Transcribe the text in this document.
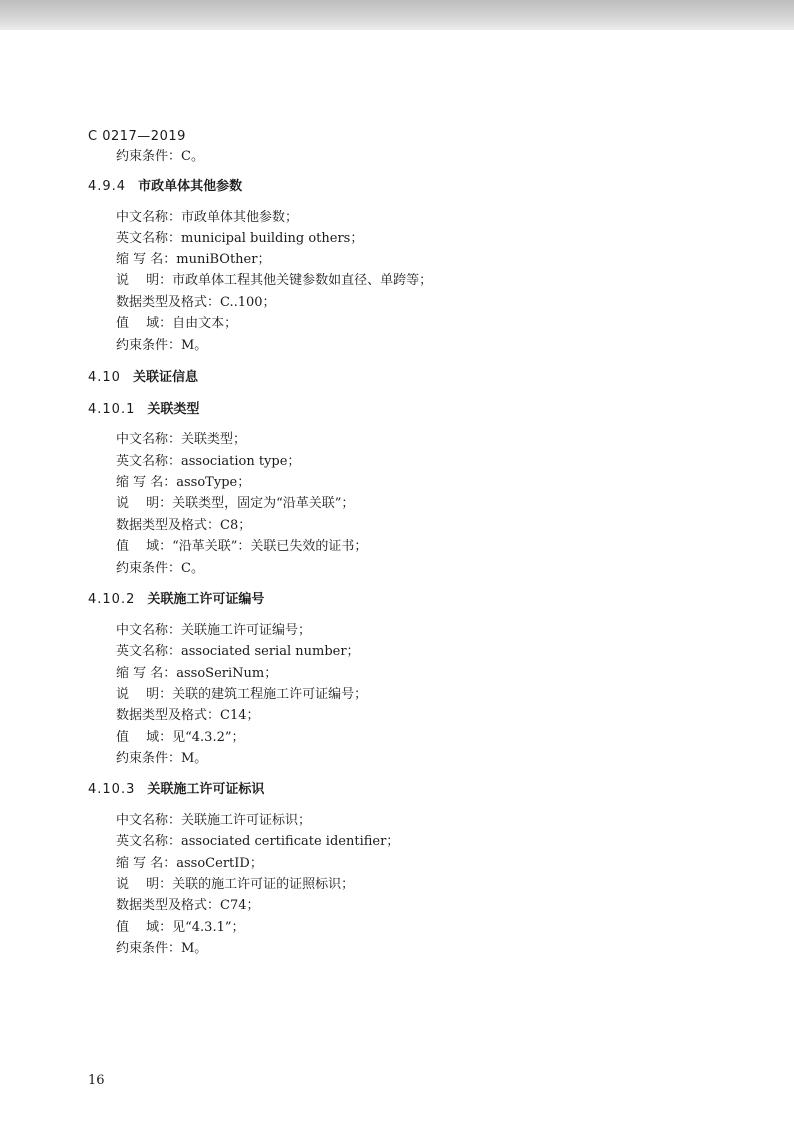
C 0217—2019
约束条件：C。
4.9.4 市政单体其他参数
中文名称：市政单体其他参数；
英文名称：municipal building others；
缩 写 名：muniBOther；
说　 明：市政单体工程其他关键参数如直径、单跨等；
数据类型及格式：C..100；
值　 域：自由文本；
约束条件：M。
4.10 关联证信息
4.10.1 关联类型
中文名称：关联类型；
英文名称：association type；
缩 写 名：assoType；
说　 明：关联类型，固定为“沿革关联”；
数据类型及格式：C8；
值　 域：“沿革关联”：关联已失效的证书；
约束条件：C。
4.10.2 关联施工许可证编号
中文名称：关联施工许可证编号；
英文名称：associated serial number；
缩 写 名：assoSeriNum；
说　 明：关联的建筑工程施工许可证编号；
数据类型及格式：C14；
值　 域：见“4.3.2”；
约束条件：M。
4.10.3 关联施工许可证标识
中文名称：关联施工许可证标识；
英文名称：associated certificate identifier；
缩 写 名：assoCertID；
说　 明：关联的施工许可证的证照标识；
数据类型及格式：C74；
值　 域：见“4.3.1”；
约束条件：M。
16
